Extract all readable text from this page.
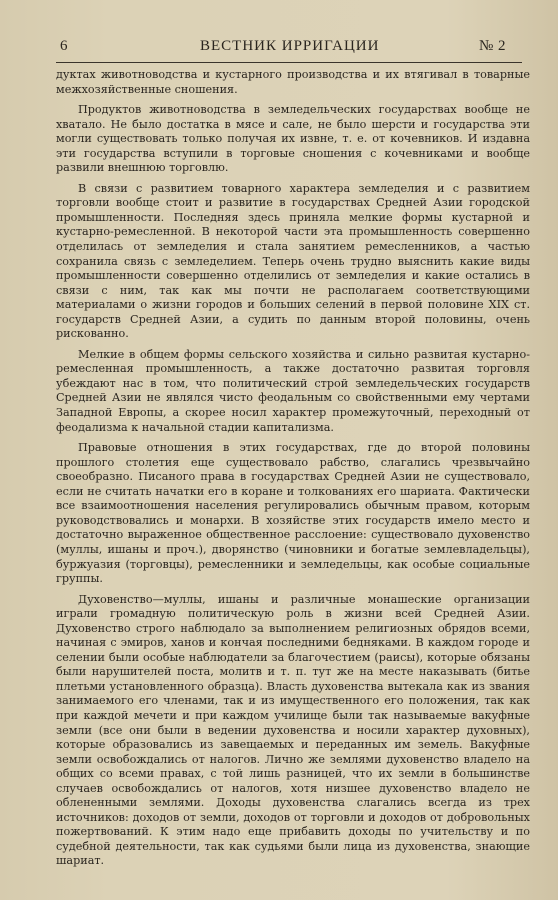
6	ВЕСТНИК ИРРИГАЦИИ	№ 2

дуктах животноводства и кустарного производства и их втягивал в товарные межхозяйственные сношения.

Продуктов животноводства в земледельческих государствах вообще не хватало. Не было достатка в мясе и сале, не было шерсти и государства эти могли существовать только получая их извне, т. е. от кочевников. И издавна эти государства вступили в торговые сношения с кочевниками и вообще развили внешнюю торговлю.

В связи с развитием товарного характера земледелия и с развитием торговли вообще стоит и развитие в государствах Средней Азии городской промышленности. Последняя здесь приняла мелкие формы кустарной и кустарно-ремесленной. В некоторой части эта промышленность совершенно отделилась от земледелия и стала занятием ремесленников, а частью сохранила связь с земледелием. Теперь очень трудно выяснить какие виды промышленности совершенно отделились от земледелия и какие остались в связи с ним, так как мы почти не располагаем соответствующими материалами о жизни городов и больших селений в первой половине XIX ст. государств Средней Азии, а судить по данным второй половины, очень рискованно.

Мелкие в общем формы сельского хозяйства и сильно развитая кустарно-ремесленная промышленность, а также достаточно развитая торговля убеждают нас в том, что политический строй земледельческих государств Средней Азии не являлся чисто феодальным со свойственными ему чертами Западной Европы, а скорее носил характер промежуточный, переходный от феодализма к начальной стадии капитализма.

Правовые отношения в этих государствах, где до второй половины прошлого столетия еще существовало рабство, слагались чрезвычайно своеобразно. Писаного права в государствах Средней Азии не существовало, если не считать начатки его в коране и толкованиях его шариата. Фактически все взаимоотношения населения регулировались обычным правом, которым руководствовались и монархи. В хозяйстве этих государств имело место и достаточно выраженное общественное расслоение: существовало духовенство (муллы, ишаны и проч.), дворянство (чиновники и богатые землевладельцы), буржуазия (торговцы), ремесленники и земледельцы, как особые социальные группы.

Духовенство—муллы, ишаны и различные монашеские организации играли громадную политическую роль в жизни всей Средней Азии. Духовенство строго наблюдало за выполнением религиозных обрядов всеми, начиная с эмиров, ханов и кончая последними бедняками. В каждом городе и селении были особые наблюдатели за благочестием (раисы), которые обязаны были нарушителей поста, молитв и т. п. тут же на месте наказывать (битье плетьми установленного образца). Власть духовенства вытекала как из звания занимаемого его членами, так и из имущественного его положения, так как при каждой мечети и при каждом училище были так называемые вакуфные земли (все они были в ведении духовенства и носили характер духовных), которые образовались из завещаемых и переданных им земель. Вакуфные земли освобождались от налогов. Лично же землями духовенство владело на общих со всеми правах, с той лишь разницей, что их земли в большинстве случаев освобождались от налогов, хотя низшее духовенство владело не облененными землями. Доходы духовенства слагались всегда из трех источников: доходов от земли, доходов от торговли и доходов от добровольных пожертвований. К этим надо еще прибавить доходы по учительству и по судебной деятельности, так как судьями были лица из духовенства, знающие шариат.
